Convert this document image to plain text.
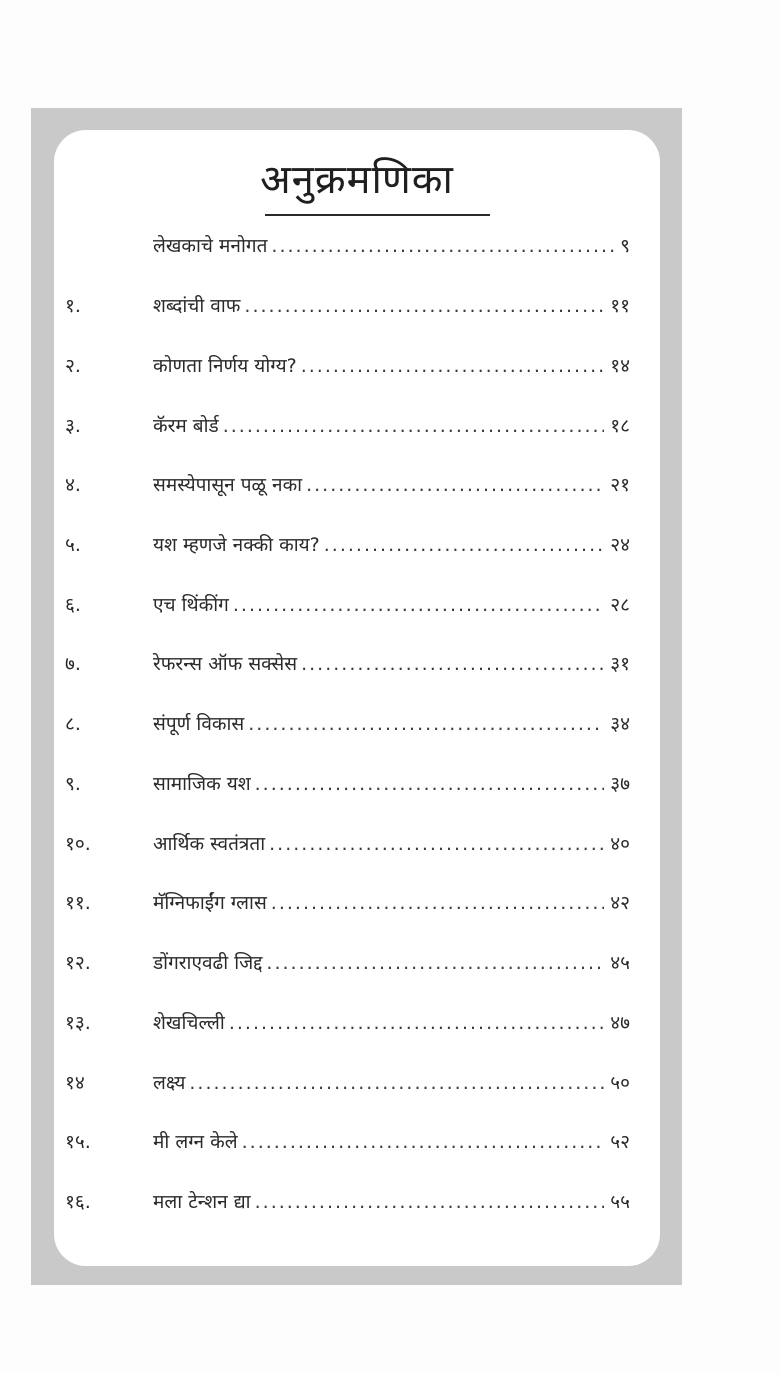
अनुक्रमणिका
लेखकाचे मनोगत .....	९
१.	शब्दांची वाफ .....	११
२.	कोणता निर्णय योग्य? .....	१४
३.	कॅरम बोर्ड .....	१८
४.	समस्येपासून पळू नका .....	२१
५.	यश म्हणजे नक्की काय? .....	२४
६.	एच थिंकींग .....	२८
७.	रेफरन्स ऑफ सक्सेस .....	३१
८.	संपूर्ण विकास .....	३४
९.	सामाजिक यश .....	३७
१०.	आर्थिक स्वतंत्रता .....	४०
११.	मॅग्निफाईंग ग्लास .....	४२
१२.	डोंगराएवढी जिद्द .....	४५
१३.	शेखचिल्ली .....	४७
१४	लक्ष्य .....	५०
१५.	मी लग्न केले .....	५२
१६.	मला टेन्शन द्या .....	५५
